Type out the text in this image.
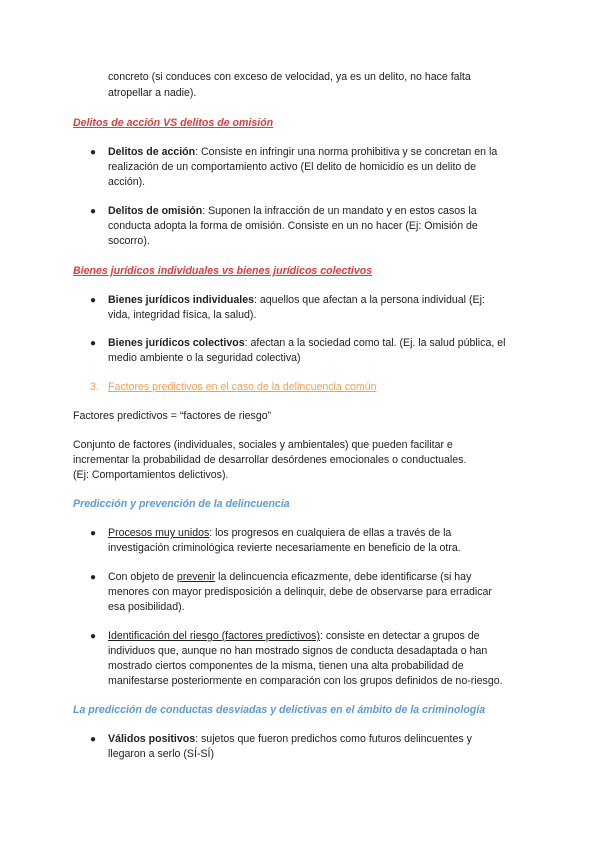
concreto (si conduces con exceso de velocidad, ya es un delito, no hace falta
atropellar a nadie).
Delitos de acción VS delitos de omisión
● Delitos de acción: Consiste en infringir una norma prohibitiva y se concretan en la
realización de un comportamiento activo (El delito de homicidio es un delito de
acción).
● Delitos de omisión: Suponen la infracción de un mandato y en estos casos la
conducta adopta la forma de omisión. Consiste en un no hacer (Ej: Omisión de
socorro).
Bienes jurídicos individuales vs bienes jurídicos colectivos
● Bienes jurídicos individuales: aquellos que afectan a la persona individual (Ej:
vida, integridad física, la salud).
● Bienes jurídicos colectivos: afectan a la sociedad como tal. (Ej. la salud pública, el
medio ambiente o la seguridad colectiva)
3. Factores predictivos en el caso de la delincuencia común
Factores predictivos = “factores de riesgo”
Conjunto de factores (individuales, sociales y ambientales) que pueden facilitar e
incrementar la probabilidad de desarrollar desórdenes emocionales o conductuales.
(Ej: Comportamientos delictivos).
Predicción y prevención de la delincuencia
● Procesos muy unidos: los progresos en cualquiera de ellas a través de la
investigación criminológica revierte necesariamente en beneficio de la otra.
● Con objeto de prevenir la delincuencia eficazmente, debe identificarse (si hay
menores con mayor predisposición a delinquir, debe de observarse para erradicar
esa posibilidad).
● Identificación del riesgo (factores predictivos): consiste en detectar a grupos de
individuos que, aunque no han mostrado signos de conducta desadaptada o han
mostrado ciertos componentes de la misma, tienen una alta probabilidad de
manifestarse posteriormente en comparación con los grupos definidos de no-riesgo.
La predicción de conductas desviadas y delictivas en el ámbito de la criminología
● Válidos positivos: sujetos que fueron predichos como futuros delincuentes y
llegaron a serlo (SÍ-SÍ)
